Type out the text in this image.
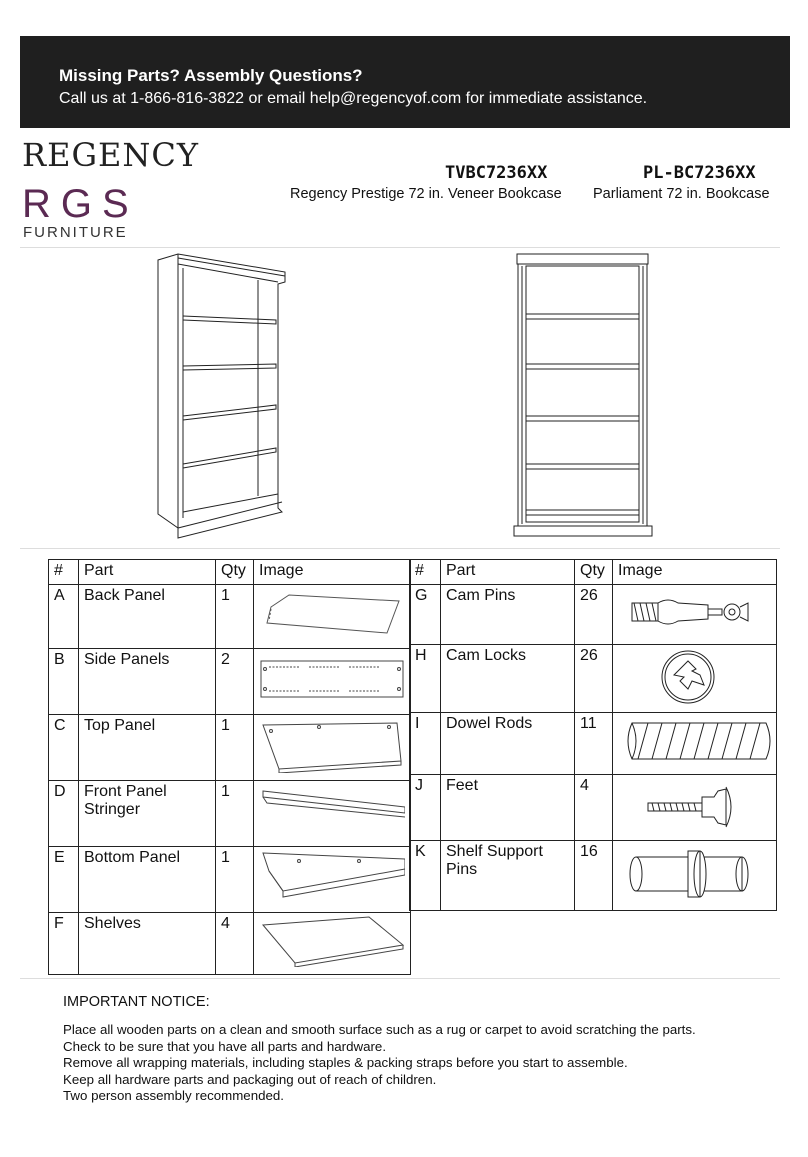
Missing Parts? Assembly Questions?
Call us at 1-866-816-3822 or email help@regencyof.com for immediate assistance.
REGENCY
RGS
FURNITURE
TVBC7236XX	PL-BC7236XX
Regency Prestige 72 in. Veneer Bookcase Parliament 72 in. Bookcase
#	Part	Qty	Image
A	Back Panel	1	
B	Side Panels	2	
C	Top Panel	1	
D	Front Panel Stringer	1	
E	Bottom Panel	1	
F	Shelves	4	
#	Part	Qty	Image
G	Cam Pins	26	
H	Cam Locks	26	
I	Dowel Rods	11	
J	Feet	4	
K	Shelf Support Pins	16	
IMPORTANT NOTICE:
Place all wooden parts on a clean and smooth surface such as a rug or carpet to avoid scratching the parts.
Check to be sure that you have all parts and hardware.
Remove all wrapping materials, including staples & packing straps before you start to assemble.
Keep all hardware parts and packaging out of reach of children.
Two person assembly recommended.
